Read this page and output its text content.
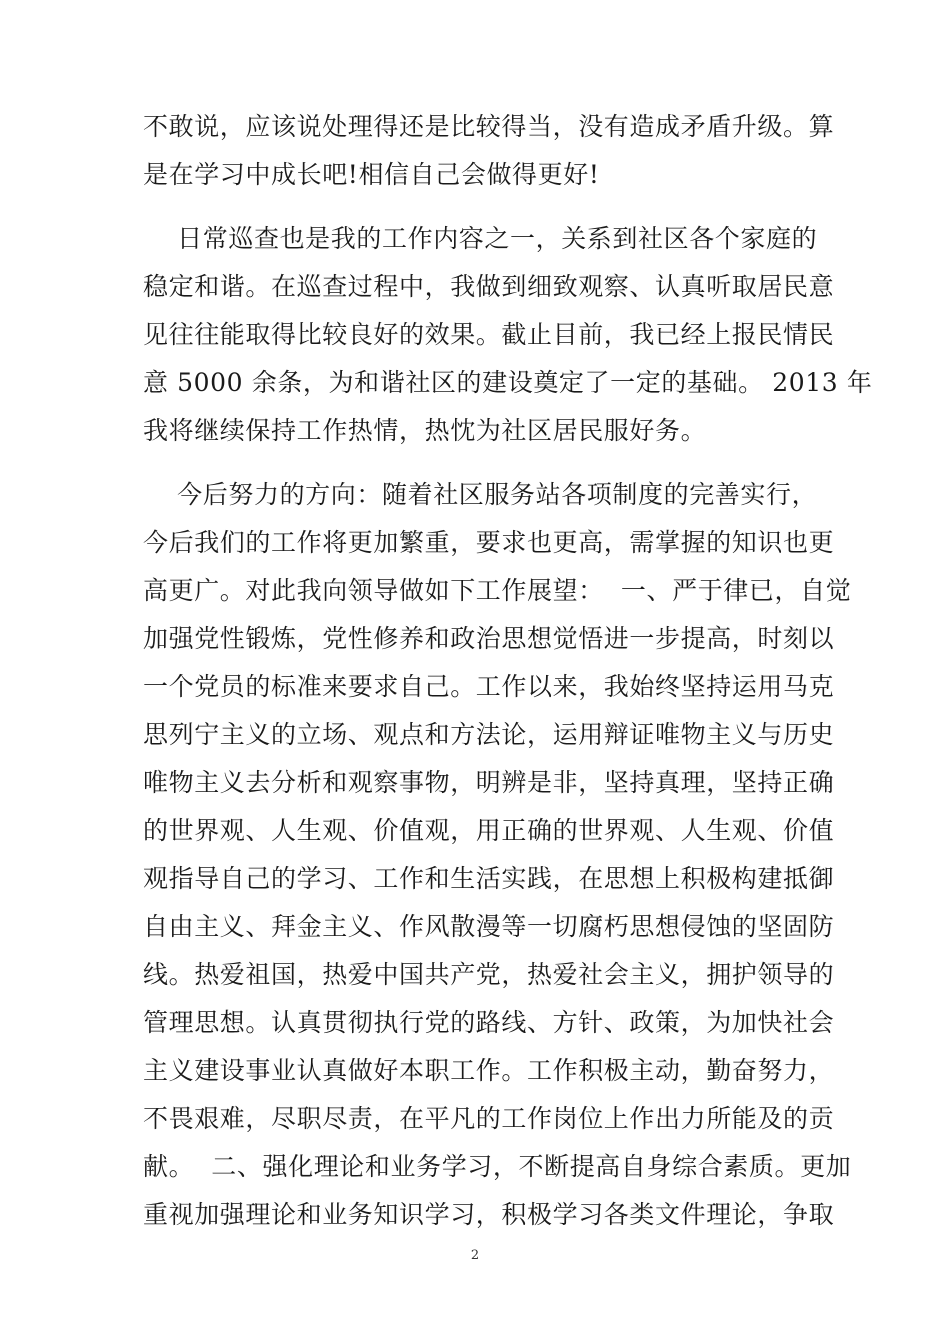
不敢说，应该说处理得还是比较得当，没有造成矛盾升级。算
是在学习中成长吧!相信自己会做得更好!
日常巡查也是我的工作内容之一，关系到社区各个家庭的
稳定和谐。在巡查过程中，我做到细致观察、认真听取居民意
见往往能取得比较良好的效果。截止目前，我已经上报民情民
意 5000 余条，为和谐社区的建设奠定了一定的基础。 2013 年
我将继续保持工作热情，热忱为社区居民服好务。
今后努力的方向：随着社区服务站各项制度的完善实行，
今后我们的工作将更加繁重，要求也更高，需掌握的知识也更
高更广。对此我向领导做如下工作展望：  一、严于律已，自觉
加强党性锻炼，党性修养和政治思想觉悟进一步提高，时刻以
一个党员的标准来要求自己。工作以来，我始终坚持运用马克
思列宁主义的立场、观点和方法论，运用辩证唯物主义与历史
唯物主义去分析和观察事物，明辨是非，坚持真理，坚持正确
的世界观、人生观、价值观，用正确的世界观、人生观、价值
观指导自己的学习、工作和生活实践，在思想上积极构建抵御
自由主义、拜金主义、作风散漫等一切腐朽思想侵蚀的坚固防
线。热爱祖国，热爱中国共产党，热爱社会主义，拥护领导的
管理思想。认真贯彻执行党的路线、方针、政策，为加快社会
主义建设事业认真做好本职工作。工作积极主动，勤奋努力，
不畏艰难，尽职尽责，在平凡的工作岗位上作出力所能及的贡
献。  二、强化理论和业务学习，不断提高自身综合素质。更加
重视加强理论和业务知识学习，积极学习各类文件理论，争取
2
